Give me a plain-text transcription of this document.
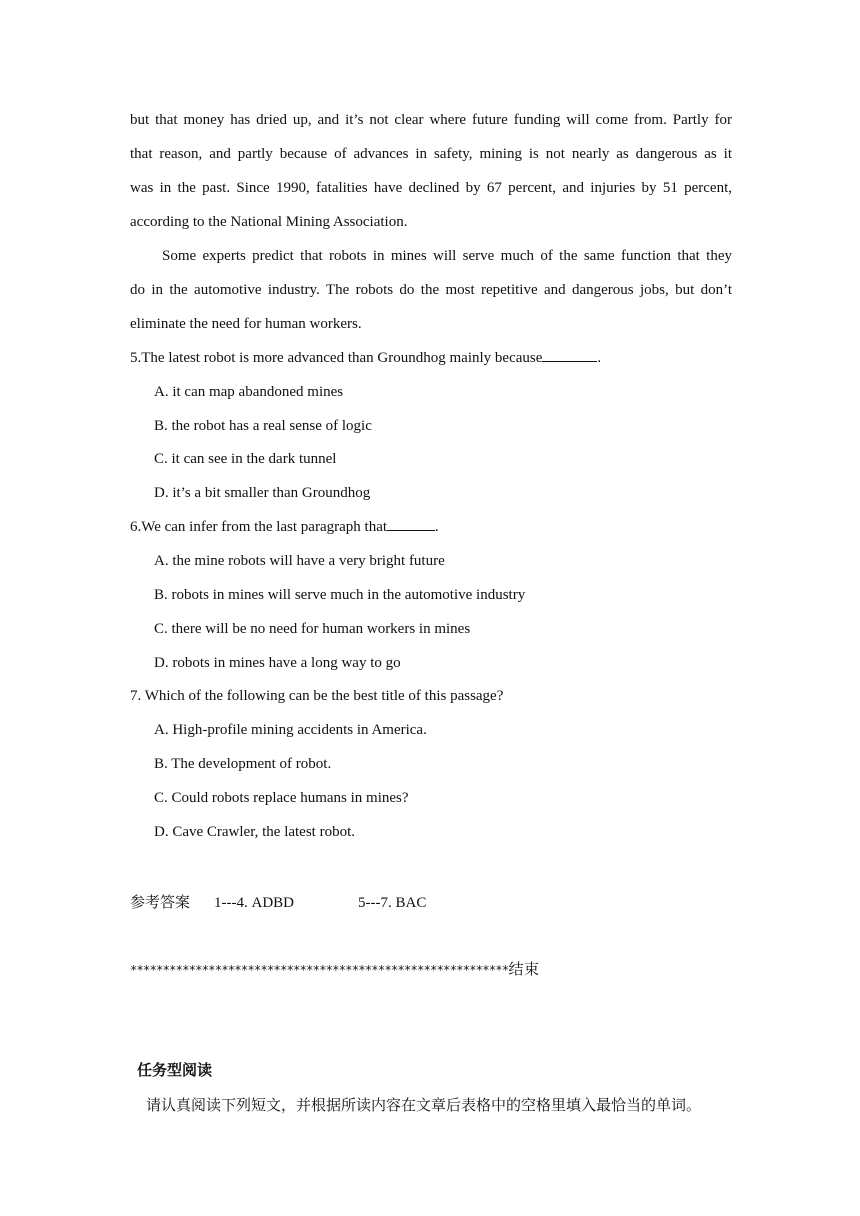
but that money has dried up, and it’s not clear where future funding will come from. Partly for
that reason, and partly because of advances in safety, mining is not nearly as dangerous as it
was in the past. Since 1990, fatalities have declined by 67 percent, and injuries by 51 percent,
according to the National Mining Association.
Some experts predict that robots in mines will serve much of the same function that they
do in the automotive industry. The robots do the most repetitive and dangerous jobs, but don’t
eliminate the need for human workers.
5.The latest robot is more advanced than Groundhog mainly because	.
A. it can map abandoned mines
B. the robot has a real sense of logic
C. it can see in the dark tunnel
D. it’s a bit smaller than Groundhog
6.We can infer from the last paragraph that	.
A. the mine robots will have a very bright future
B. robots in mines will serve much in the automotive industry
C. there will be no need for human workers in mines
D. robots in mines have a long way to go
7. Which of the following can be the best title of this passage?
A. High-profile mining accidents in America.
B. The development of robot.
C. Could robots replace humans in mines?
D. Cave Crawler, the latest robot.
参考答案 1---4. ADBD	5---7. BAC
**********************************************************结束
任务型阅读
请认真阅读下列短文，并根据所读内容在文章后表格中的空格里填入最恰当的单词。
